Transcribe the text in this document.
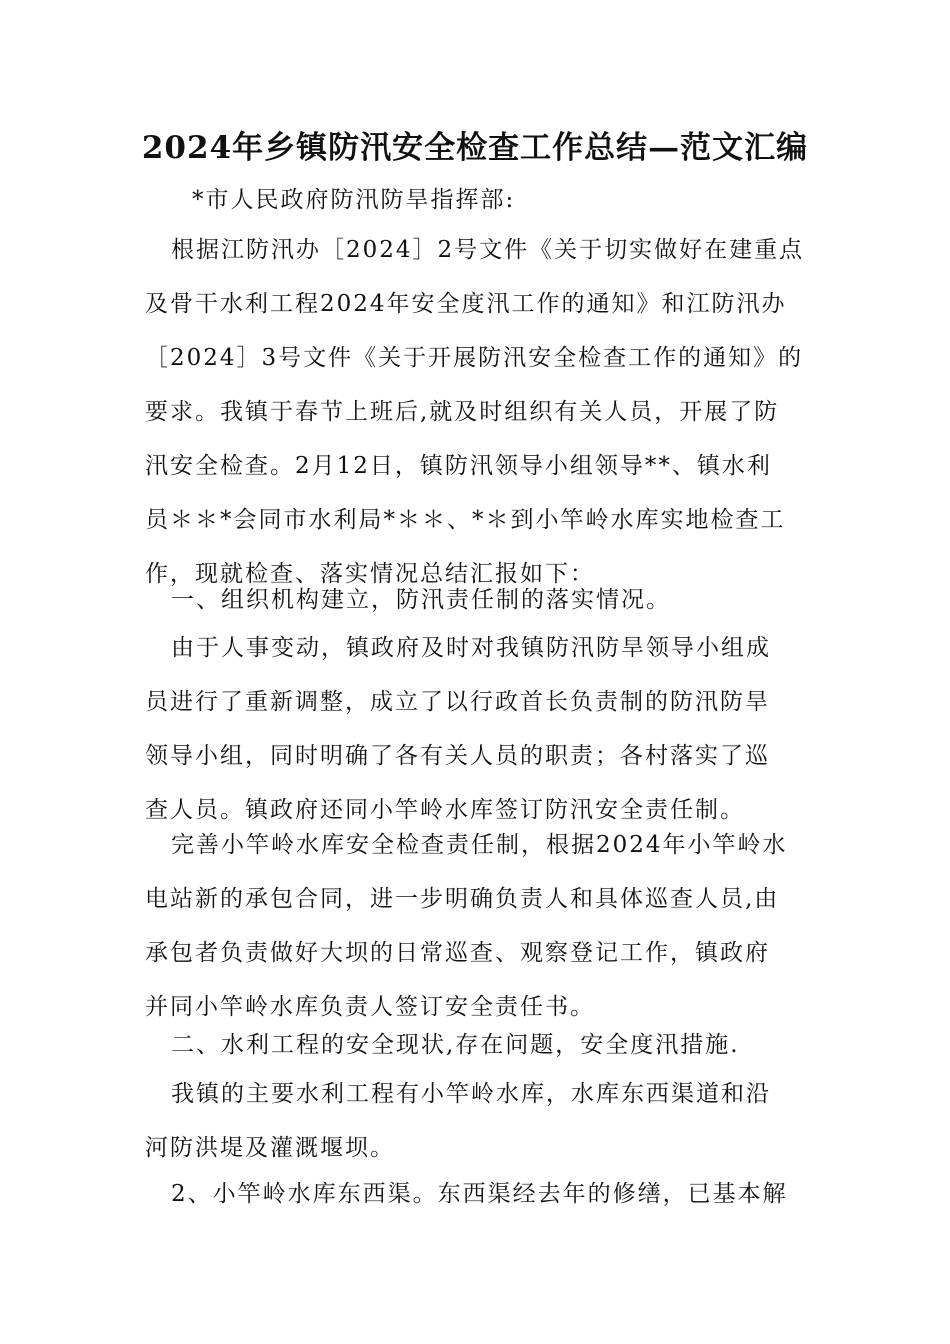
2024年乡镇防汛安全检查工作总结—范文汇编
*市人民政府防汛防旱指挥部:
根据江防汛办［2024］2号文件《关于切实做好在建重点
及骨干水利工程2024年安全度汛工作的通知》和江防汛办
［2024］3号文件《关于开展防汛安全检查工作的通知》的
要求。我镇于春节上班后,就及时组织有关人员，开展了防
汛安全检查。2月12日，镇防汛领导小组领导**、镇水利
员＊＊*会同市水利局*＊＊、*＊到小竿岭水库实地检查工
作，现就检查、落实情况总结汇报如下：
一、组织机构建立，防汛责任制的落实情况。
由于人事变动，镇政府及时对我镇防汛防旱领导小组成
员进行了重新调整，成立了以行政首长负责制的防汛防旱
领导小组，同时明确了各有关人员的职责；各村落实了巡
查人员。镇政府还同小竿岭水库签订防汛安全责任制。
完善小竿岭水库安全检查责任制，根据2024年小竿岭水
电站新的承包合同，进一步明确负责人和具体巡查人员,由
承包者负责做好大坝的日常巡查、观察登记工作，镇政府
并同小竿岭水库负责人签订安全责任书。
二、水利工程的安全现状,存在问题，安全度汛措施.
我镇的主要水利工程有小竿岭水库，水库东西渠道和沿
河防洪堤及灌溉堰坝。
2、小竿岭水库东西渠。东西渠经去年的修缮，已基本解
